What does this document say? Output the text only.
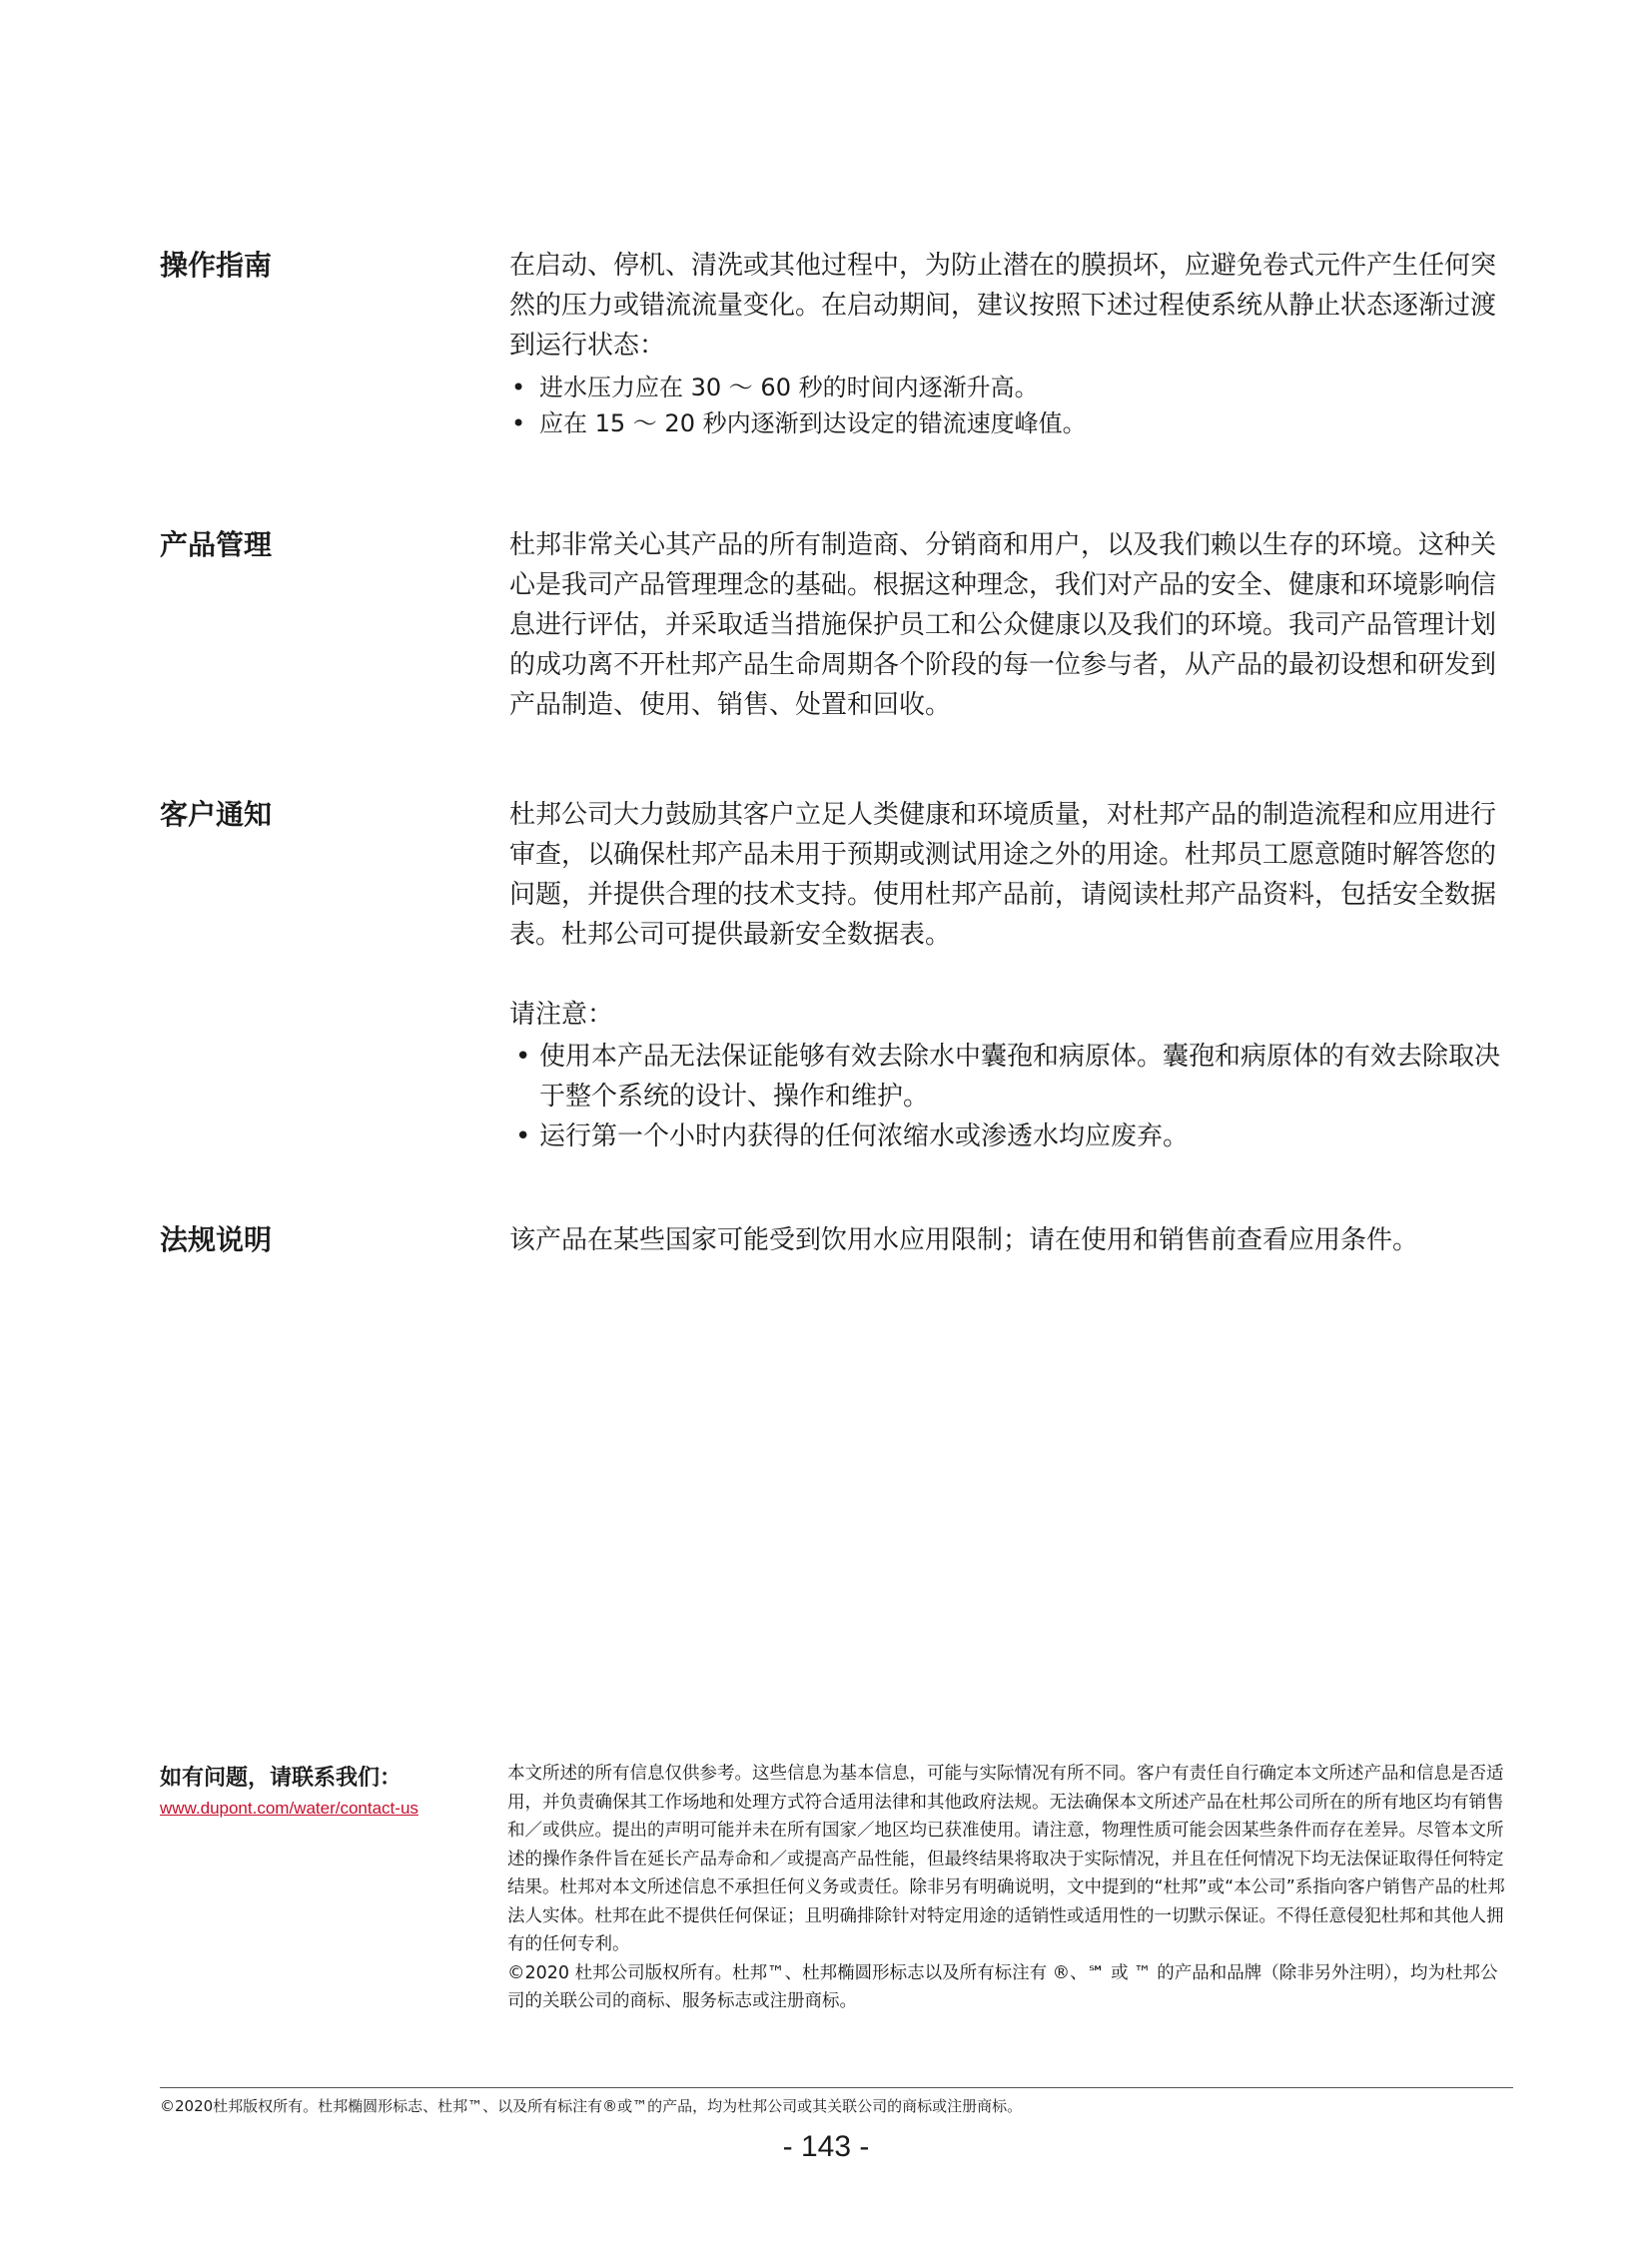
操作指南	在启动、停机、清洗或其他过程中，为防止潜在的膜损坏，应避免卷式元件产生任何突然的压力或错流流量变化。在启动期间，建议按照下述过程使系统从静止状态逐渐过渡到运行状态：

• 进水压力应在 30 ～ 60 秒的时间内逐渐升高。
• 应在 15 ～ 20 秒内逐渐到达设定的错流速度峰值。
产品管理	杜邦非常关心其产品的所有制造商、分销商和用户，以及我们赖以生存的环境。这种关心是我司产品管理理念的基础。根据这种理念，我们对产品的安全、健康和环境影响信息进行评估，并采取适当措施保护员工和公众健康以及我们的环境。我司产品管理计划的成功离不开杜邦产品生命周期各个阶段的每一位参与者，从产品的最初设想和研发到产品制造、使用、销售、处置和回收。

客户通知	杜邦公司大力鼓励其客户立足人类健康和环境质量，对杜邦产品的制造流程和应用进行审查，以确保杜邦产品未用于预期或测试用途之外的用途。杜邦员工愿意随时解答您的问题，并提供合理的技术支持。使用杜邦产品前，请阅读杜邦产品资料，包括安全数据表。杜邦公司可提供最新安全数据表。

请注意：

• 使用本产品无法保证能够有效去除水中囊孢和病原体。囊孢和病原体的有效去除取决于整个系统的设计、操作和维护。
• 运行第一个小时内获得的任何浓缩水或渗透水均应废弃。
法规说明	该产品在某些国家可能受到饮用水应用限制；请在使用和销售前查看应用条件。

如有问题，请联系我们：
www.dupont.com/water/contact-us

本文所述的所有信息仅供参考。这些信息为基本信息，可能与实际情况有所不同。客户有责任自行确定本文所述产品和信息是否适用，并负责确保其工作场地和处理方式符合适用法律和其他政府法规。无法确保本文所述产品在杜邦公司所在的所有地区均有销售和／或供应。提出的声明可能并未在所有国家／地区均已获准使用。请注意，物理性质可能会因某些条件而存在差异。尽管本文所述的操作条件旨在延长产品寿命和／或提高产品性能，但最终结果将取决于实际情况，并且在任何情况下均无法保证取得任何特定结果。杜邦对本文所述信息不承担任何义务或责任。除非另有明确说明，文中提到的“杜邦”或“本公司”系指向客户销售产品的杜邦法人实体。杜邦在此不提供任何保证；且明确排除针对特定用途的适销性或适用性的一切默示保证。不得任意侵犯杜邦和其他人拥有的任何专利。

©2020 杜邦公司版权所有。杜邦™、杜邦椭圆形标志以及所有标注有 ®、℠ 或 ™ 的产品和品牌（除非另外注明），均为杜邦公司的关联公司的商标、服务标志或注册商标。

©2020杜邦版权所有。杜邦椭圆形标志、杜邦™、以及所有标注有®或™的产品，均为杜邦公司或其关联公司的商标或注册商标。
- 143 -
